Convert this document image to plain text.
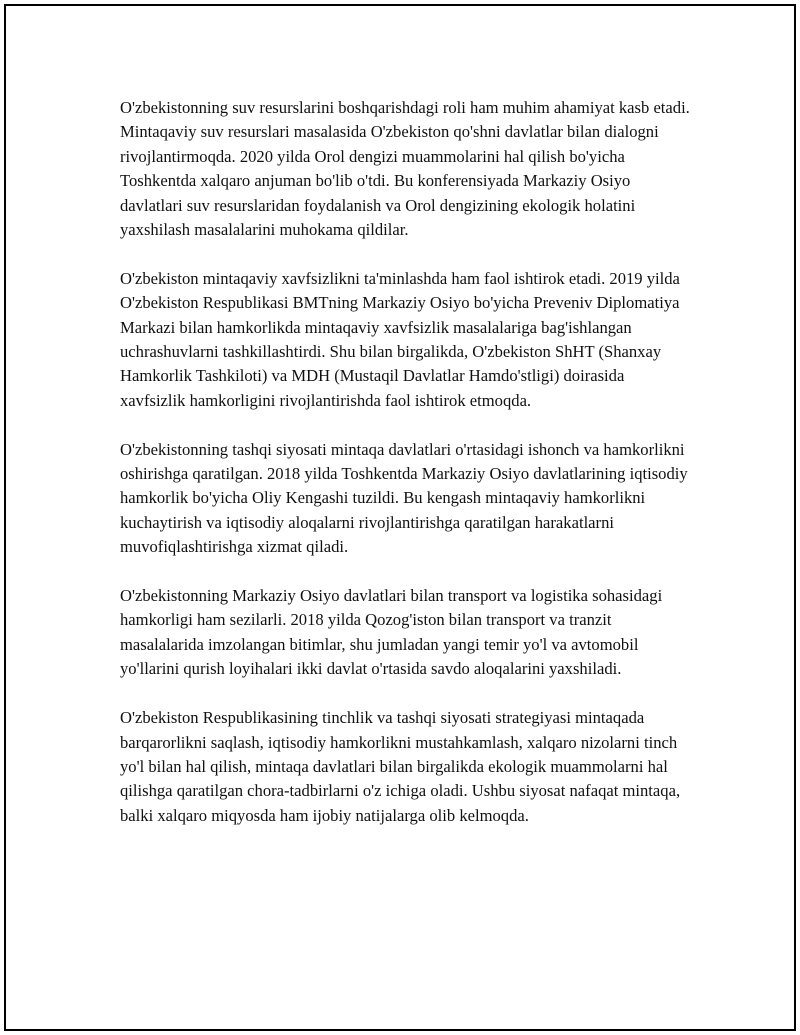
O'zbekistonning suv resurslarini boshqarishdagi roli ham muhim ahamiyat kasb etadi. Mintaqaviy suv resurslari masalasida O'zbekiston qo'shni davlatlar bilan dialogni rivojlantirmoqda. 2020 yilda Orol dengizi muammolarini hal qilish bo'yicha Toshkentda xalqaro anjuman bo'lib o'tdi. Bu konferensiyada Markaziy Osiyo davlatlari suv resurslaridan foydalanish va Orol dengizining ekologik holatini yaxshilash masalalarini muhokama qildilar.

O'zbekiston mintaqaviy xavfsizlikni ta'minlashda ham faol ishtirok etadi. 2019 yilda O'zbekiston Respublikasi BMTning Markaziy Osiyo bo'yicha Preveniv Diplomatiya Markazi bilan hamkorlikda mintaqaviy xavfsizlik masalalariga bag'ishlangan uchrashuvlarni tashkillashtirdi. Shu bilan birgalikda, O'zbekiston ShHT (Shanxay Hamkorlik Tashkiloti) va MDH (Mustaqil Davlatlar Hamdo'stligi) doirasida xavfsizlik hamkorligini rivojlantirishda faol ishtirok etmoqda.

O'zbekistonning tashqi siyosati mintaqa davlatlari o'rtasidagi ishonch va hamkorlikni oshirishga qaratilgan. 2018 yilda Toshkentda Markaziy Osiyo davlatlarining iqtisodiy hamkorlik bo'yicha Oliy Kengashi tuzildi. Bu kengash mintaqaviy hamkorlikni kuchaytirish va iqtisodiy aloqalarni rivojlantirishga qaratilgan harakatlarni muvofiqlashtirishga xizmat qiladi.

O'zbekistonning Markaziy Osiyo davlatlari bilan transport va logistika sohasidagi hamkorligi ham sezilarli. 2018 yilda Qozog'iston bilan transport va tranzit masalalarida imzolangan bitimlar, shu jumladan yangi temir yo'l va avtomobil yo'llarini qurish loyihalari ikki davlat o'rtasida savdo aloqalarini yaxshiladi.

O'zbekiston Respublikasining tinchlik va tashqi siyosati strategiyasi mintaqada barqarorlikni saqlash, iqtisodiy hamkorlikni mustahkamlash, xalqaro nizolarni tinch yo'l bilan hal qilish, mintaqa davlatlari bilan birgalikda ekologik muammolarni hal qilishga qaratilgan chora-tadbirlarni o'z ichiga oladi. Ushbu siyosat nafaqat mintaqa, balki xalqaro miqyosda ham ijobiy natijalarga olib kelmoqda.
